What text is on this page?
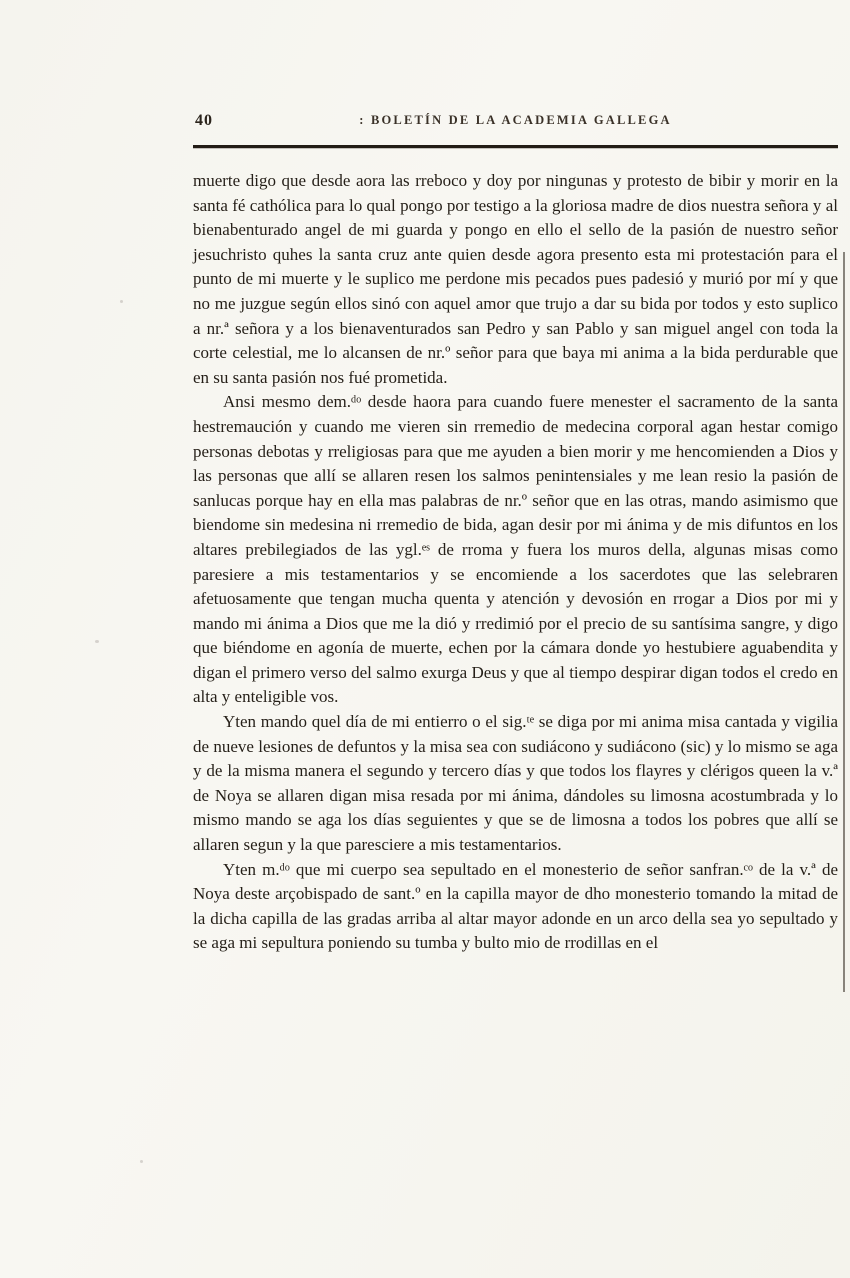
40	: BOLETÍN DE LA ACADEMIA GALLEGA

muerte digo que desde aora las rreboco y doy por ningunas y protesto de bibir y morir en la santa fé cathólica para lo qual pongo por testigo a la gloriosa madre de dios nuestra señora y al bienabenturado angel de mi guarda y pongo en ello el sello de la pasión de nuestro señor jesuchristo quhes la santa cruz ante quien desde agora presento esta mi protestación para el punto de mi muerte y le suplico me perdone mis pecados pues padesió y murió por mí y que no me juzgue según ellos sinó con aquel amor que trujo a dar su bida por todos y esto suplico a nr.ª señora y a los bienaventurados san Pedro y san Pablo y san miguel angel con toda la corte celestial, me lo alcansen de nr.º señor para que baya mi anima a la bida perdurable que en su santa pasión nos fué prometida.

Ansi mesmo dem.ᵈᵒ desde haora para cuando fuere menester el sacramento de la santa hestremaución y cuando me vieren sin rremedio de medecina corporal agan hestar comigo personas debotas y rreligiosas para que me ayuden a bien morir y me hencomienden a Dios y las personas que allí se allaren resen los salmos penintensiales y me lean resio la pasión de sanlucas porque hay en ella mas palabras de nr.º señor que en las otras, mando asimismo que biendome sin medesina ni rremedio de bida, agan desir por mi ánima y de mis difuntos en los altares prebilegiados de las ygl.ᵉˢ de rroma y fuera los muros della, algunas misas como paresiere a mis testamentarios y se encomiende a los sacerdotes que las selebraren afetuosamente que tengan mucha quenta y atención y devosión en rrogar a Dios por mi y mando mi ánima a Dios que me la dió y rredimió por el precio de su santísima sangre, y digo que biéndome en agonía de muerte, echen por la cámara donde yo hestubiere aguabendita y digan el primero verso del salmo exurga Deus y que al tiempo despirar digan todos el credo en alta y enteligible vos.

Yten mando quel día de mi entierro o el sig.ᵗᵉ se diga por mi anima misa cantada y vigilia de nueve lesiones de defuntos y la misa sea con sudiácono y sudiácono (sic) y lo mismo se aga y de la misma manera el segundo y tercero días y que todos los flayres y clérigos queen la v.ª de Noya se allaren digan misa resada por mi ánima, dándoles su limosna acostumbrada y lo mismo mando se aga los días seguientes y que se de limosna a todos los pobres que allí se allaren segun y la que paresciere a mis testamentarios.

Yten m.ᵈᵒ que mi cuerpo sea sepultado en el monesterio de señor sanfran.ᶜᵒ de la v.ª de Noya deste arçobispado de sant.º en la capilla mayor de dho monesterio tomando la mitad de la dicha capilla de las gradas arriba al altar mayor adonde en un arco della sea yo sepultado y se aga mi sepultura poniendo su tumba y bulto mio de rrodillas en el
